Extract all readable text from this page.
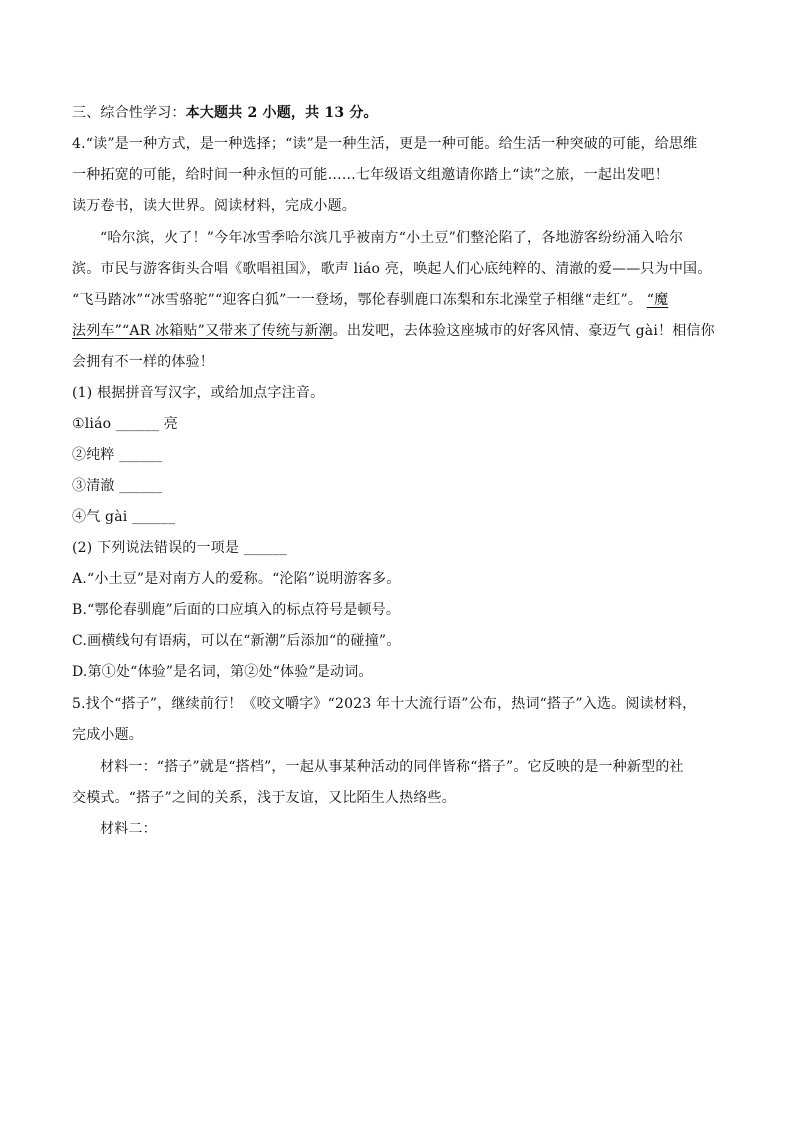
三、综合性学习：本大题共 2 小题，共 13 分。
4.“读”是一种方式，是一种选择；“读”是一种生活，更是一种可能。给生活一种突破的可能，给思维
一种拓宽的可能，给时间一种永恒的可能……七年级语文组邀请你踏上“读”之旅，一起出发吧！
读万卷书，读大世界。阅读材料，完成小题。
“哈尔滨，火了！”今年冰雪季哈尔滨几乎被南方“小土豆”们整沦陷了，各地游客纷纷涌入哈尔
滨。市民与游客街头合唱《歌唱祖国》，歌声 liáo 亮，唤起人们心底纯粹的、清澈的爱——只为中国。
“飞马踏冰”“冰雪骆驼”“迎客白狐”一一登场，鄂伦春驯鹿口冻梨和东北澡堂子相继“走红”。 “魔
法列车”“AR 冰箱贴”又带来了传统与新潮。出发吧，去体验这座城市的好客风情、豪迈气 gài！相信你
会拥有不一样的体验！
(1) 根据拼音写汉字，或给加点字注音。
①liáo ______ 亮
②纯粹 ______
③清澈 ______
④气 gài ______
(2) 下列说法错误的一项是 ______
A.“小土豆”是对南方人的爱称。“沦陷”说明游客多。
B.“鄂伦春驯鹿”后面的口应填入的标点符号是顿号。
C.画横线句有语病，可以在“新潮”后添加“的碰撞”。
D.第①处“体验”是名词，第②处“体验”是动词。
5.找个“搭子”，继续前行！《咬文嚼字》“2023 年十大流行语”公布，热词“搭子”入选。阅读材料，
完成小题。
材料一：“搭子”就是“搭档”，一起从事某种活动的同伴皆称“搭子”。它反映的是一种新型的社
交模式。“搭子”之间的关系，浅于友谊，又比陌生人热络些。
材料二：
